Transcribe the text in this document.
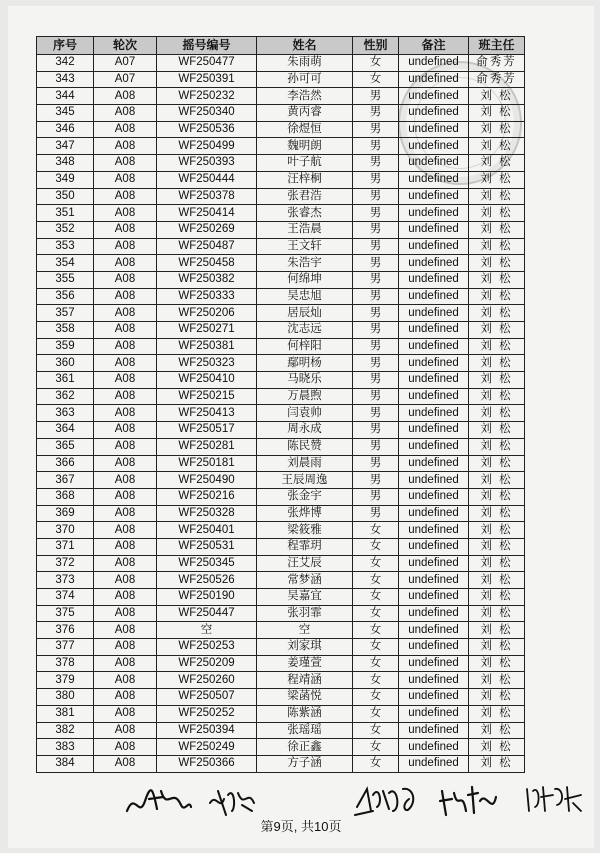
序号	轮次	摇号编号	姓名	性别	备注	班主任
342	A07	WF250477	朱雨萌	女	undefined	俞秀芳
343	A07	WF250391	孙可可	女	undefined	俞秀芳
344	A08	WF250232	李浩然	男	undefined	刘 松
345	A08	WF250340	黄丙睿	男	undefined	刘 松
346	A08	WF250536	徐煜恒	男	undefined	刘 松
347	A08	WF250499	魏明朗	男	undefined	刘 松
348	A08	WF250393	叶子航	男	undefined	刘 松
349	A08	WF250444	汪梓桐	男	undefined	刘 松
350	A08	WF250378	张君浩	男	undefined	刘 松
351	A08	WF250414	张睿杰	男	undefined	刘 松
352	A08	WF250269	王浩晨	男	undefined	刘 松
353	A08	WF250487	王文轩	男	undefined	刘 松
354	A08	WF250458	朱浩宇	男	undefined	刘 松
355	A08	WF250382	何绵坤	男	undefined	刘 松
356	A08	WF250333	吴忠旭	男	undefined	刘 松
357	A08	WF250206	居辰灿	男	undefined	刘 松
358	A08	WF250271	沈志远	男	undefined	刘 松
359	A08	WF250381	何梓阳	男	undefined	刘 松
360	A08	WF250323	鄢明杨	男	undefined	刘 松
361	A08	WF250410	马晓乐	男	undefined	刘 松
362	A08	WF250215	万晨煦	男	undefined	刘 松
363	A08	WF250413	闫袁帅	男	undefined	刘 松
364	A08	WF250517	周永成	男	undefined	刘 松
365	A08	WF250281	陈民赞	男	undefined	刘 松
366	A08	WF250181	刘晨雨	男	undefined	刘 松
367	A08	WF250490	王辰周逸	男	undefined	刘 松
368	A08	WF250216	张金宇	男	undefined	刘 松
369	A08	WF250328	张烨博	男	undefined	刘 松
370	A08	WF250401	梁筱雅	女	undefined	刘 松
371	A08	WF250531	程霏玥	女	undefined	刘 松
372	A08	WF250345	汪艾辰	女	undefined	刘 松
373	A08	WF250526	常梦涵	女	undefined	刘 松
374	A08	WF250190	吴嘉宜	女	undefined	刘 松
375	A08	WF250447	张羽霏	女	undefined	刘 松
376	A08	空	空	女	undefined	刘 松
377	A08	WF250253	刘家琪	女	undefined	刘 松
378	A08	WF250209	姜瑾萱	女	undefined	刘 松
379	A08	WF250260	程靖涵	女	undefined	刘 松
380	A08	WF250507	梁菡悦	女	undefined	刘 松
381	A08	WF250252	陈紫涵	女	undefined	刘 松
382	A08	WF250394	张瑶瑶	女	undefined	刘 松
383	A08	WF250249	徐正鑫	女	undefined	刘 松
384	A08	WF250366	方子涵	女	undefined	刘 松
第9页, 共10页
